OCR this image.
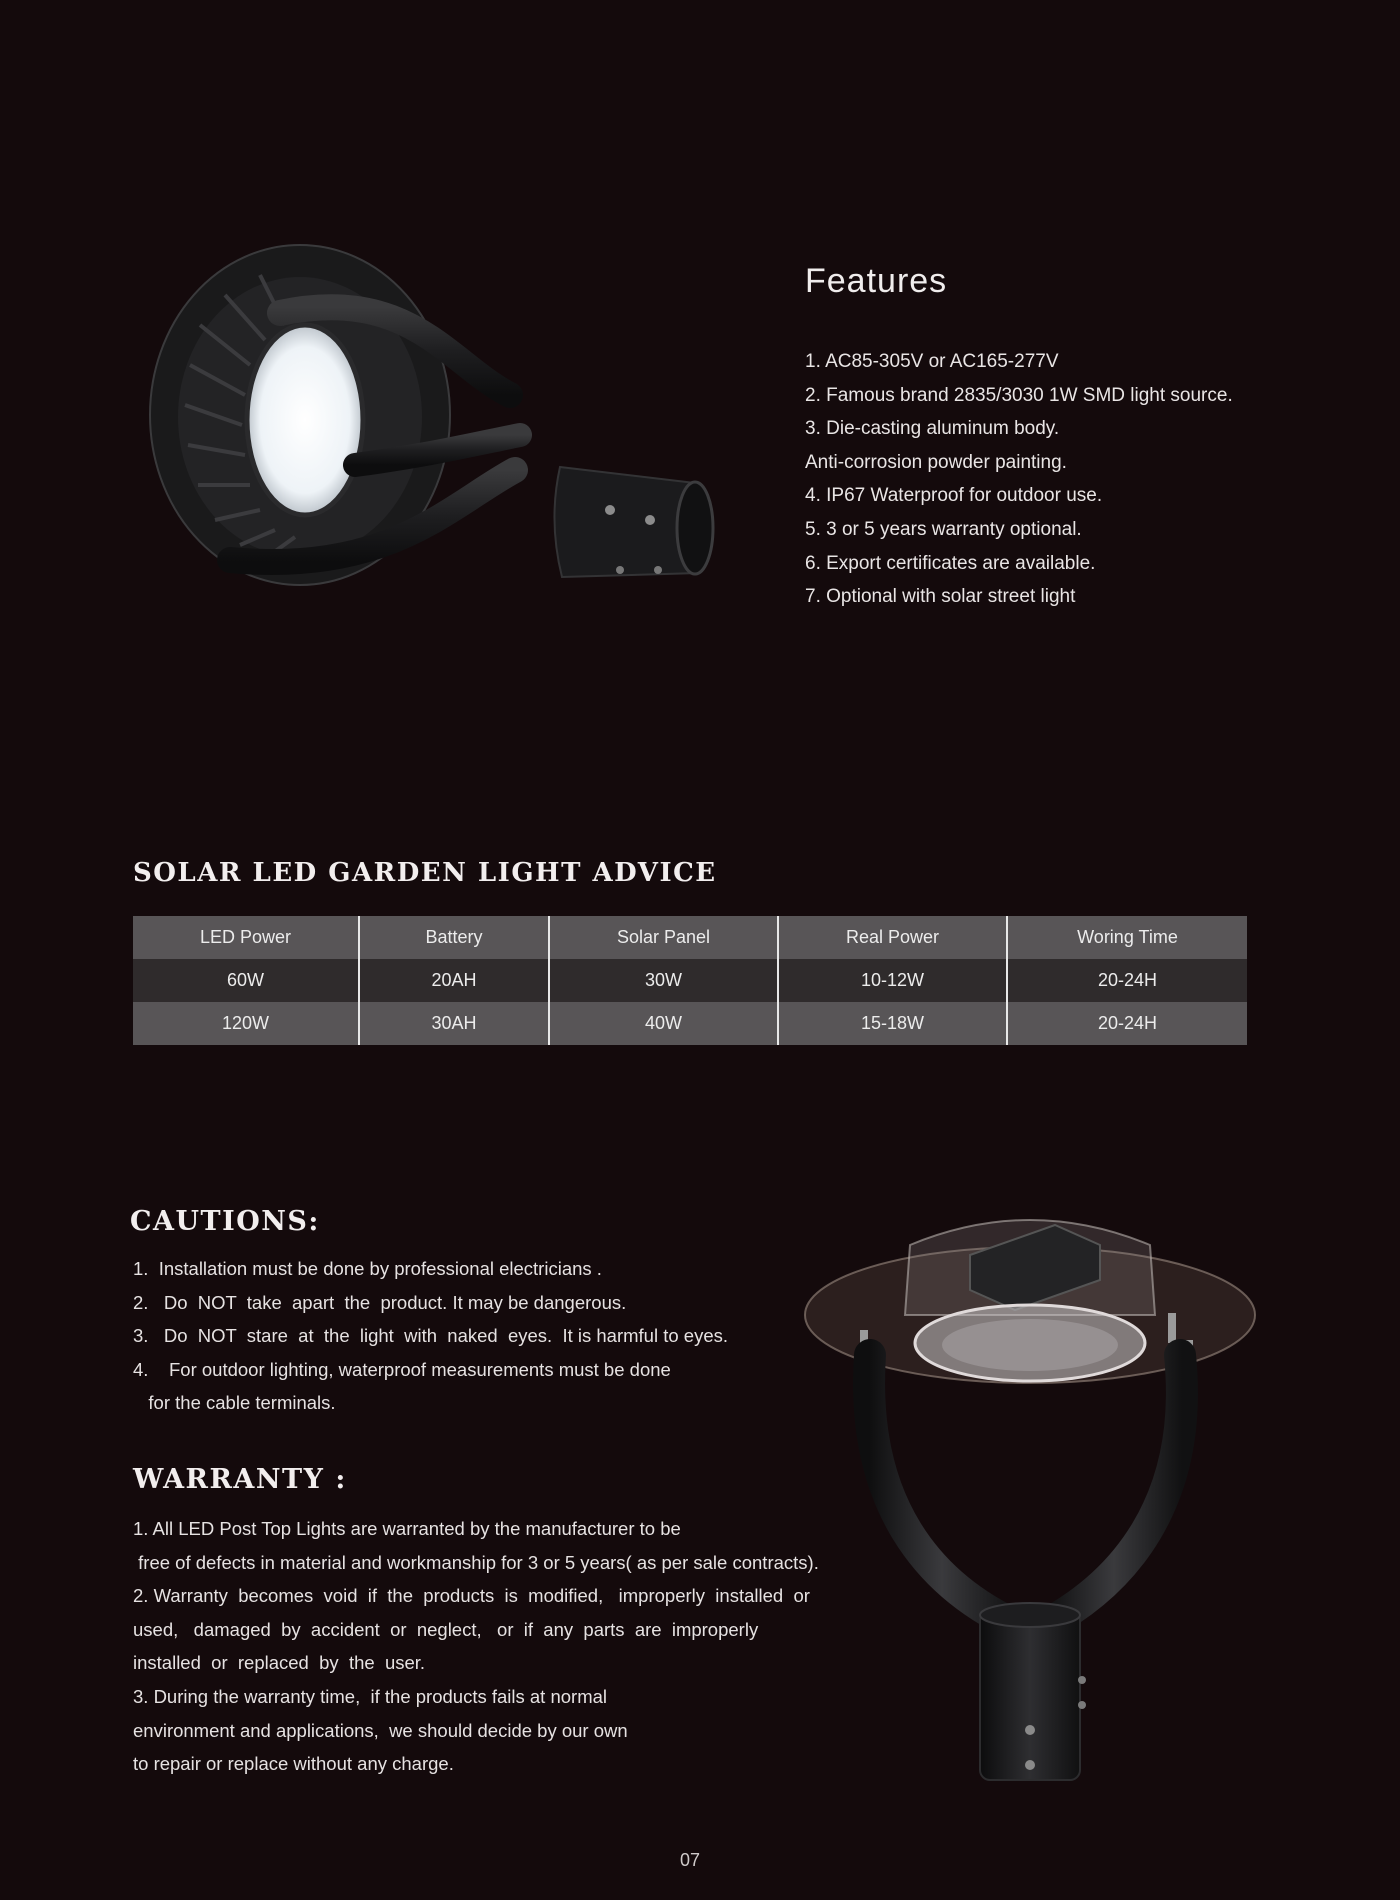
Features
1. AC85-305V or AC165-277V
2. Famous brand 2835/3030 1W SMD light source.
3. Die-casting aluminum body.
Anti-corrosion powder painting.
4. IP67 Waterproof for outdoor use.
5. 3 or 5 years warranty optional.
6. Export certificates are available.
7. Optional with solar street light
SOLAR LED GARDEN LIGHT ADVICE
LED Power	Battery	Solar Panel	Real Power	Woring Time
60W	20AH	30W	10-12W	20-24H
120W	30AH	40W	15-18W	20-24H
CAUTIONS:
1.  Installation must be done by professional electricians .
2.   Do  NOT  take  apart  the  product. It may be dangerous.
3.   Do  NOT  stare  at  the  light  with  naked  eyes.  It is harmful to eyes.
4.    For outdoor lighting, waterproof measurements must be done
for the cable terminals.
WARRANTY :
1. All LED Post Top Lights are warranted by the manufacturer to be
free of defects in material and workmanship for 3 or 5 years( as per sale contracts).
2. Warranty  becomes  void  if  the  products  is  modified,   improperly  installed  or
used,   damaged  by  accident  or  neglect,   or  if  any  parts  are  improperly
installed  or  replaced  by  the  user.
3. During the warranty time,  if the products fails at normal
environment and applications,  we should decide by our own
to repair or replace without any charge.
07
